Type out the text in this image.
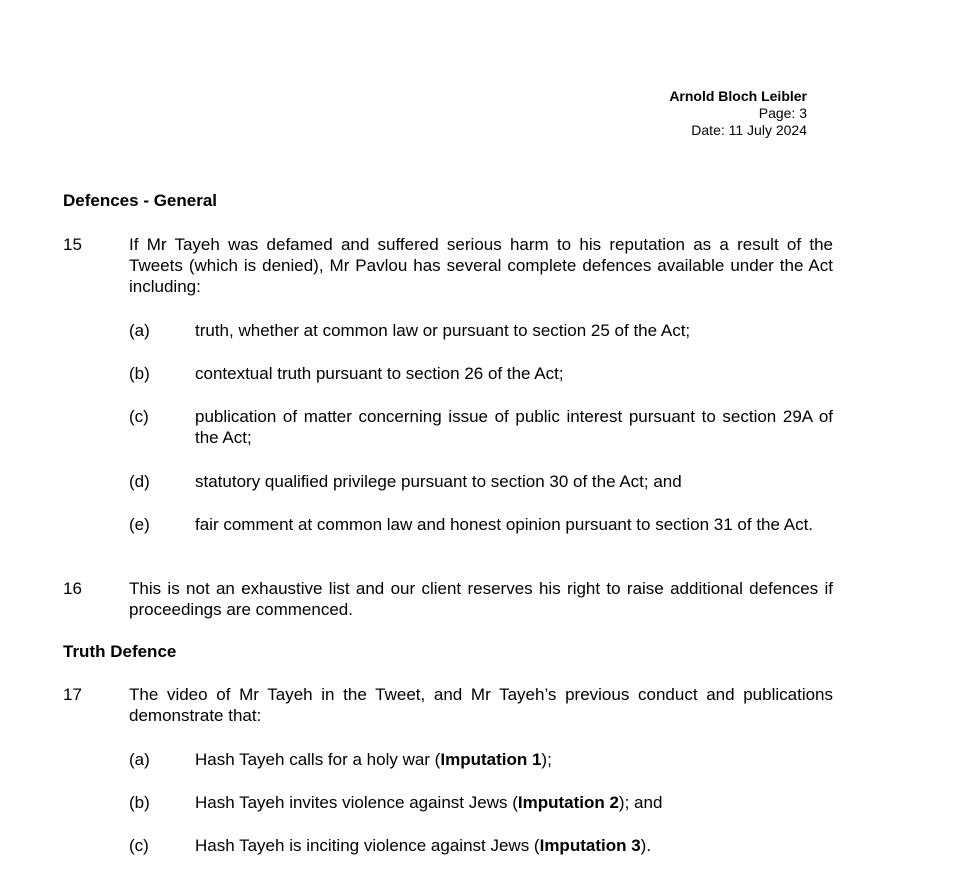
Arnold Bloch Leibler
Page: 3
Date: 11 July 2024
Defences - General
15	If Mr Tayeh was defamed and suffered serious harm to his reputation as a result of the Tweets (which is denied), Mr Pavlou has several complete defences available under the Act including:
(a)	truth, whether at common law or pursuant to section 25 of the Act;
(b)	contextual truth pursuant to section 26 of the Act;
(c)	publication of matter concerning issue of public interest pursuant to section 29A of the Act;
(d)	statutory qualified privilege pursuant to section 30 of the Act; and
(e)	fair comment at common law and honest opinion pursuant to section 31 of the Act.
16	This is not an exhaustive list and our client reserves his right to raise additional defences if proceedings are commenced.
Truth Defence
17	The video of Mr Tayeh in the Tweet, and Mr Tayeh’s previous conduct and publications demonstrate that:
(a)	Hash Tayeh calls for a holy war (Imputation 1);
(b)	Hash Tayeh invites violence against Jews (Imputation 2); and
(c)	Hash Tayeh is inciting violence against Jews (Imputation 3).
